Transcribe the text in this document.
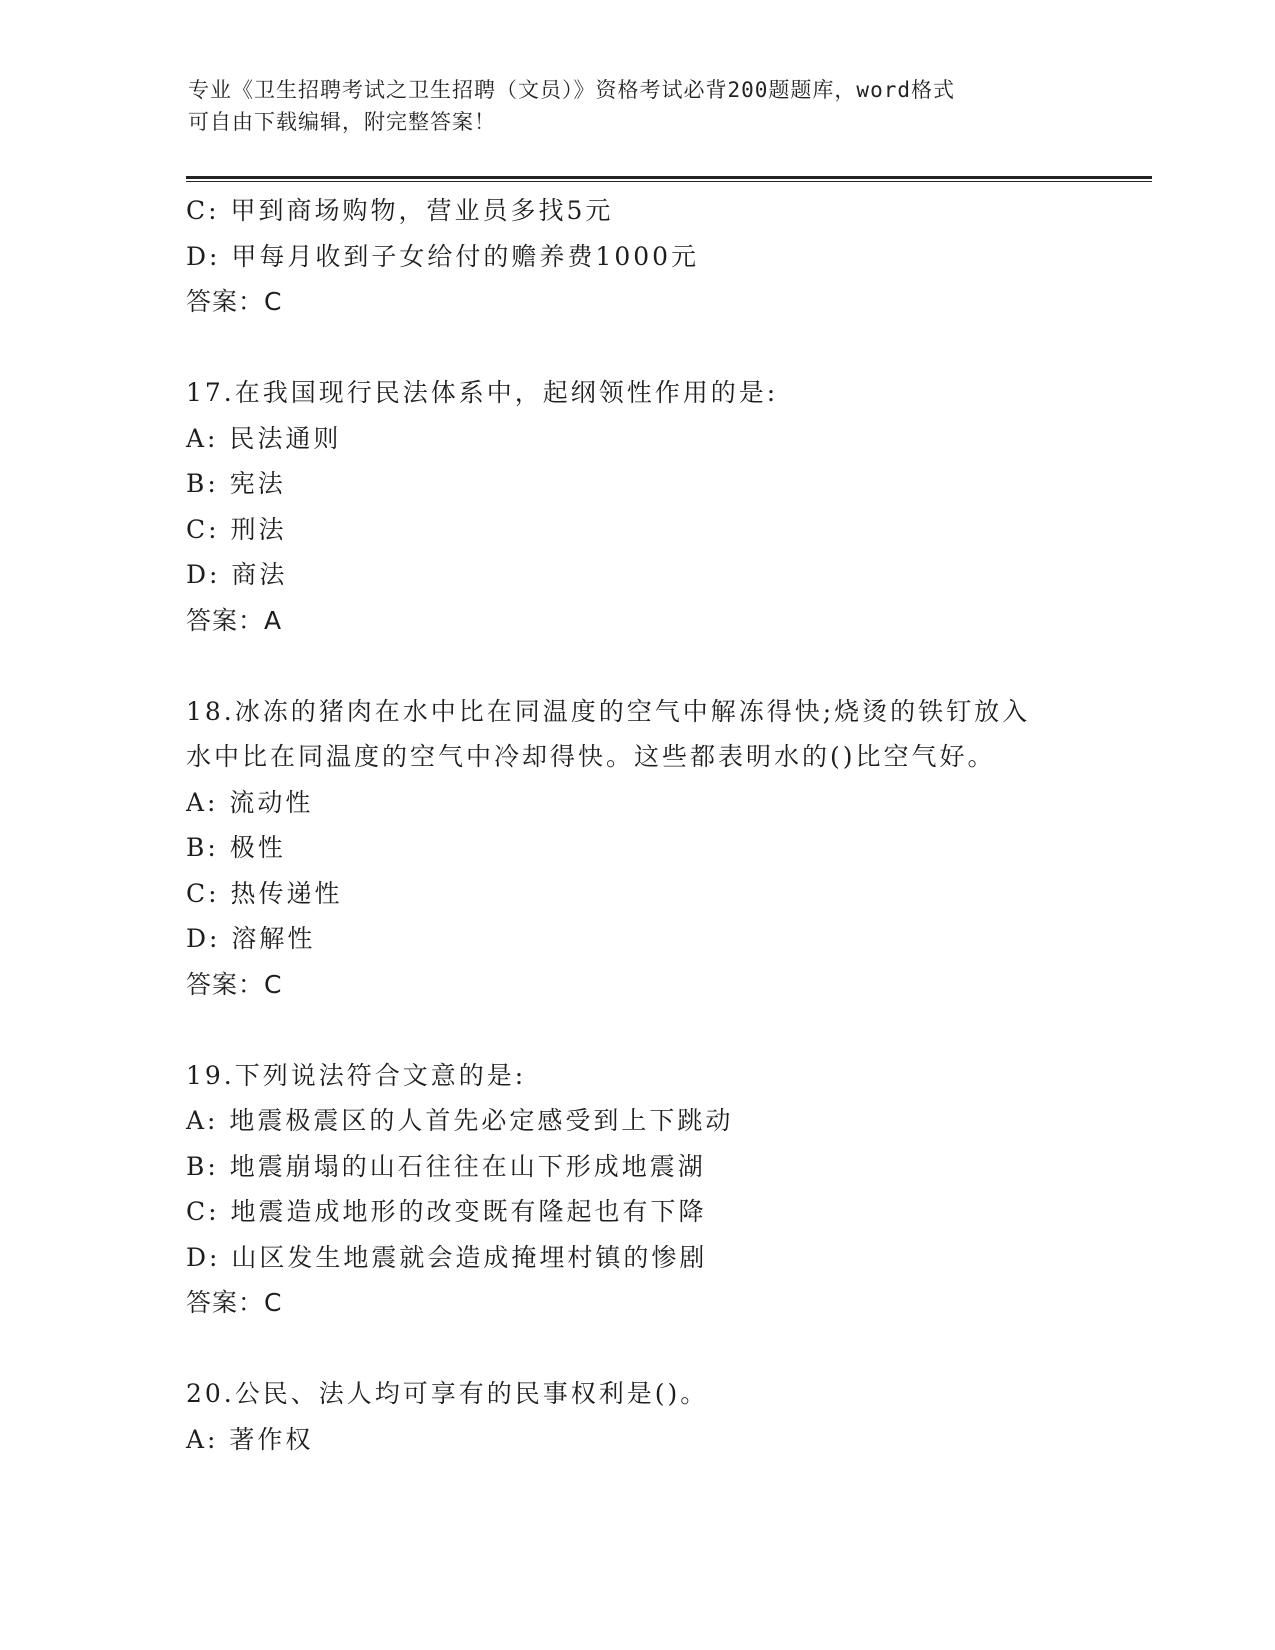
专业《卫生招聘考试之卫生招聘（文员）》资格考试必背200题题库，word格式
可自由下载编辑，附完整答案！
C: 甲到商场购物，营业员多找5元
D: 甲每月收到子女给付的赡养费1000元
答案：C
17.在我国现行民法体系中，起纲领性作用的是:
A: 民法通则
B: 宪法
C: 刑法
D: 商法
答案：A
18.冰冻的猪肉在水中比在同温度的空气中解冻得快;烧烫的铁钉放入
水中比在同温度的空气中冷却得快。这些都表明水的()比空气好。
A: 流动性
B: 极性
C: 热传递性
D: 溶解性
答案：C
19.下列说法符合文意的是:
A: 地震极震区的人首先必定感受到上下跳动
B: 地震崩塌的山石往往在山下形成地震湖
C: 地震造成地形的改变既有隆起也有下降
D: 山区发生地震就会造成掩埋村镇的惨剧
答案：C
20.公民、法人均可享有的民事权利是()。
A: 著作权
